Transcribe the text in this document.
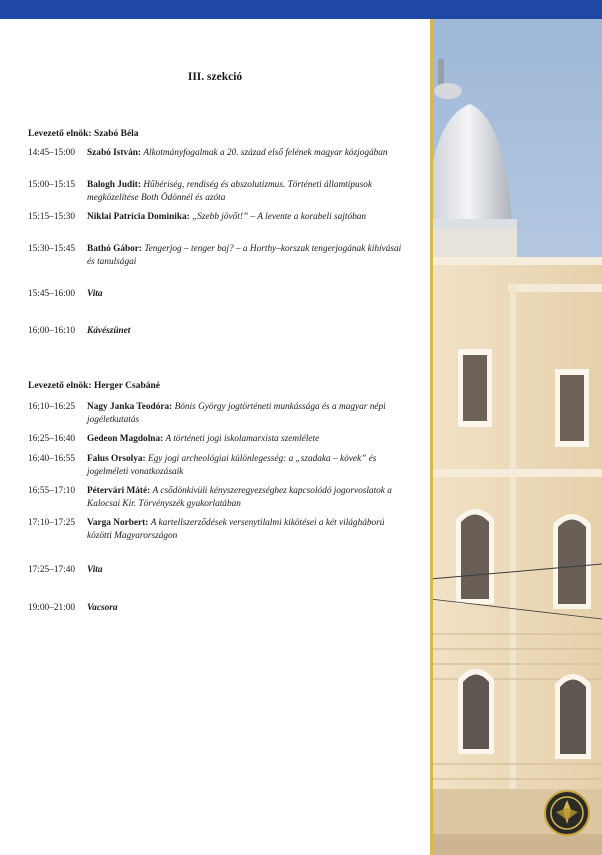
III. szekció
Levezető elnök: Szabó Béla
14:45–15:00	Szabó István: Alkotmányfogalmak a 20. század első felének magyar közjogában
15:00–15:15	Balogh Judit: Hűbériség, rendiség és abszolutizmus. Történeti államtípusok megközelítése Both Ödönnél és azóta
15:15–15:30	Niklai Patrícia Dominika: „Szebb jövőt!” – A levente a korabeli sajtóban
15:30–15:45	Bathó Gábor: Tengerjog – tenger baj? – a Horthy–korszak tengerjogának kihívásai és tanulságai
15:45–16:00	Vita
16:00–16:10	Kávészünet
Levezető elnök: Herger Csabáné
16:10–16:25	Nagy Janka Teodóra: Bónis György jogtörténeti munkássága és a magyar népi jogéletkutatás
16:25–16:40	Gedeon Magdolna: A történeti jogi iskolamarxista szemlélete
16:40–16:55	Falus Orsolya: Egy jogi archeológiai különlegesség: a „szadaka – kövek” és jogelméleti vonatkozásaik
16:55–17:10	Pétervári Máté: A csődönkívüli kényszeregyezséghez kapcsolódó jogorvoslatok a Kalocsai Kir. Törvényszék gyakorlatában
17:10–17:25	Varga Norbert: A kartellszerződések versenytilalmi kikötései a két világháború közötti Magyarországon
17:25–17:40	Vita
19:00–21:00	Vacsora
